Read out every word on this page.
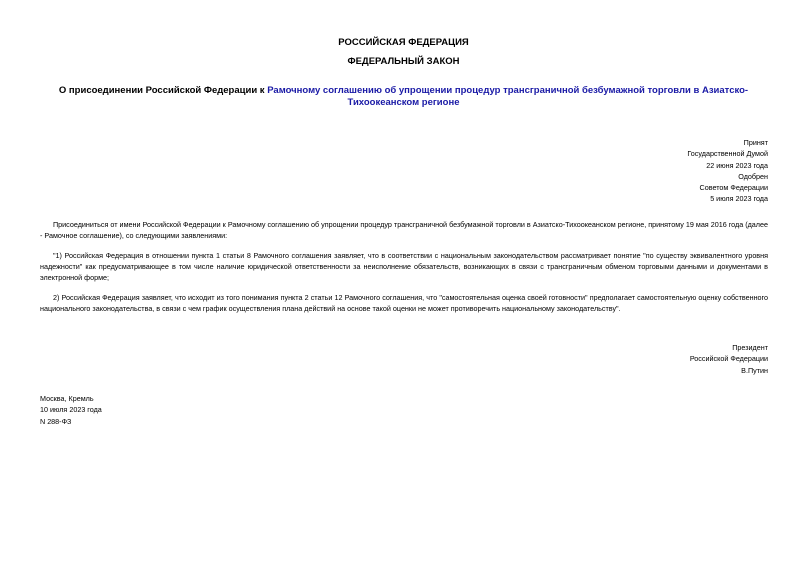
РОССИЙСКАЯ ФЕДЕРАЦИЯ
ФЕДЕРАЛЬНЫЙ ЗАКОН
О присоединении Российской Федерации к Рамочному соглашению об упрощении процедур трансграничной безбумажной торговли в Азиатско-Тихоокеанском регионе
Принят
Государственной Думой
22 июня 2023 года
Одобрен
Советом Федерации
5 июля 2023 года

Присоединиться от имени Российской Федерации к Рамочному соглашению об упрощении процедур трансграничной безбумажной торговли в Азиатско-Тихоокеанском регионе, принятому 19 мая 2016 года (далее - Рамочное соглашение), со следующими заявлениями:

"1) Российская Федерация в отношении пункта 1 статьи 8 Рамочного соглашения заявляет, что в соответствии с национальным законодательством рассматривает понятие "по существу эквивалентного уровня надежности" как предусматривающее в том числе наличие юридической ответственности за неисполнение обязательств, возникающих в связи с трансграничным обменом торговыми данными и документами в электронной форме;

2) Российская Федерация заявляет, что исходит из того понимания пункта 2 статьи 12 Рамочного соглашения, что "самостоятельная оценка своей готовности" предполагает самостоятельную оценку собственного национального законодательства, в связи с чем график осуществления плана действий на основе такой оценки не может противоречить национальному законодательству".

Президент
Российской Федерации
В.Путин
Москва, Кремль
10 июля 2023 года
N 288-ФЗ
